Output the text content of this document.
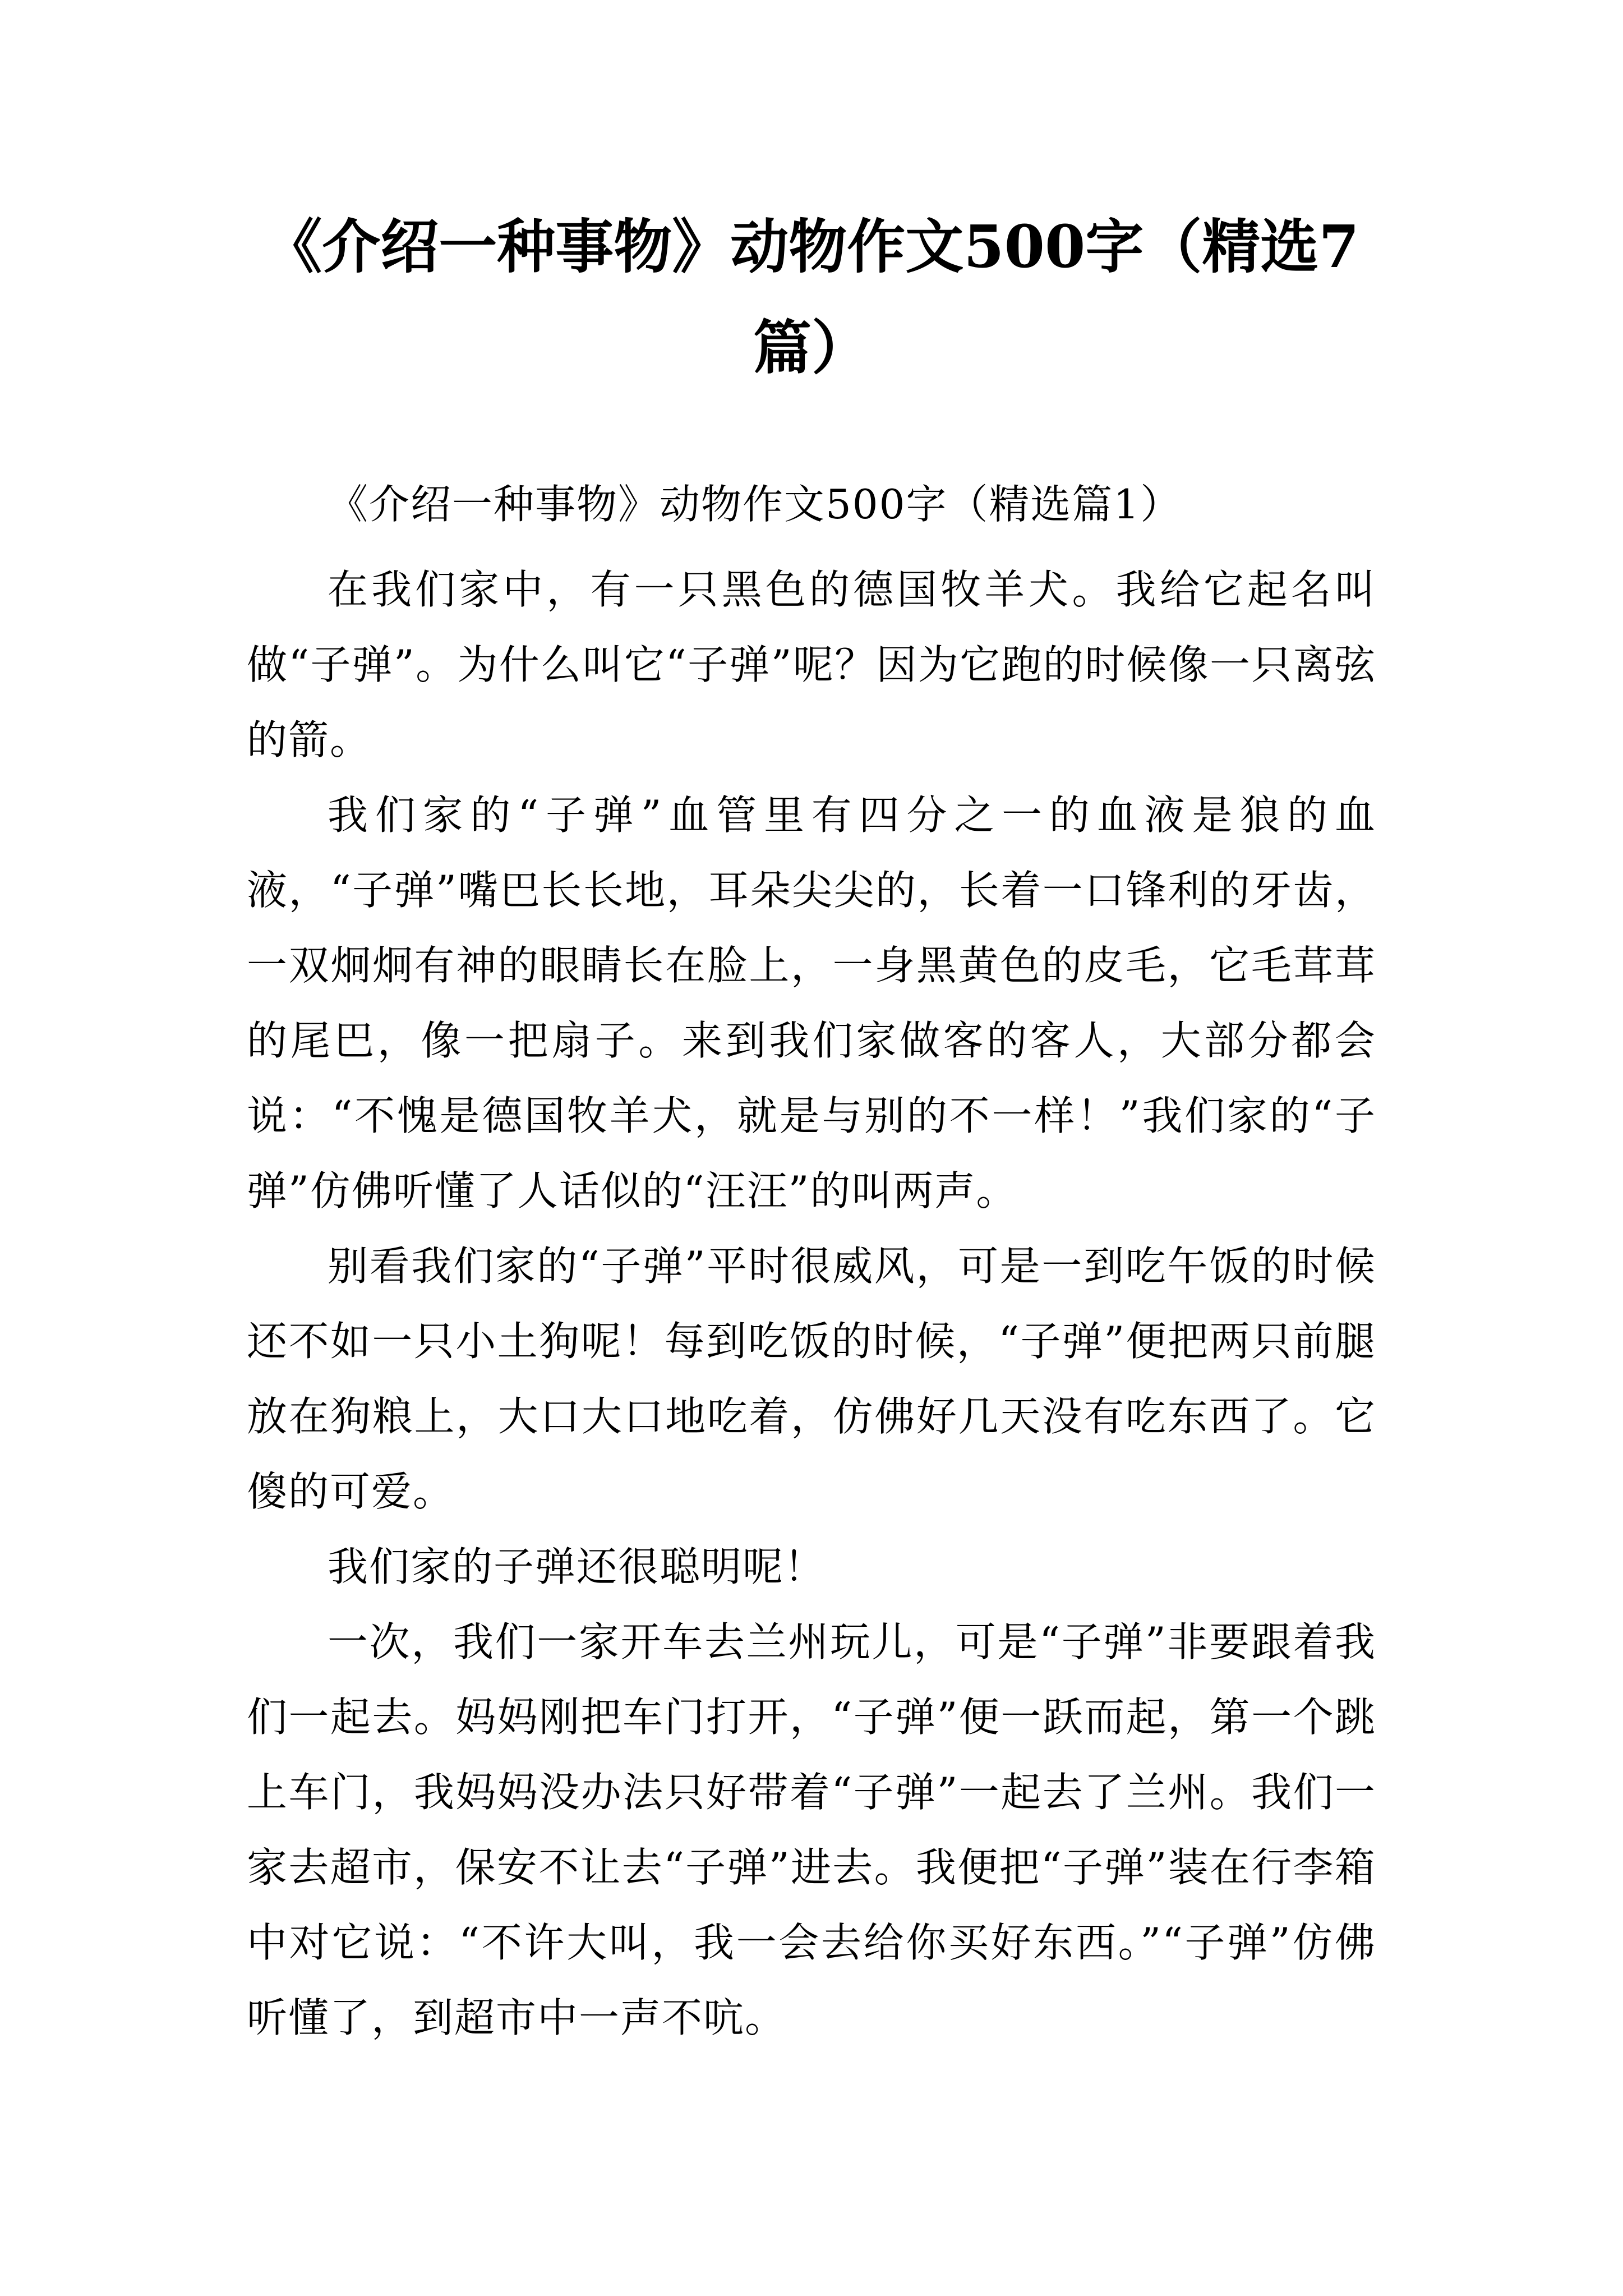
《介绍一种事物》动物作文500字（精选7篇）

《介绍一种事物》动物作文500字（精选篇1）

在我们家中，有一只黑色的德国牧羊犬。我给它起名叫做“子弹”。为什么叫它“子弹”呢？因为它跑的时候像一只离弦的箭。

我们家的“子弹”血管里有四分之一的血液是狼的血液，“子弹”嘴巴长长地，耳朵尖尖的，长着一口锋利的牙齿，一双炯炯有神的眼睛长在脸上，一身黑黄色的皮毛，它毛茸茸的尾巴，像一把扇子。来到我们家做客的客人，大部分都会说：“不愧是德国牧羊犬，就是与别的不一样！”我们家的“子弹”仿佛听懂了人话似的“汪汪”的叫两声。

别看我们家的“子弹”平时很威风，可是一到吃午饭的时候还不如一只小土狗呢！每到吃饭的时候，“子弹”便把两只前腿放在狗粮上，大口大口地吃着，仿佛好几天没有吃东西了。它傻的可爱。

我们家的子弹还很聪明呢！

一次，我们一家开车去兰州玩儿，可是“子弹”非要跟着我们一起去。妈妈刚把车门打开，“子弹”便一跃而起，第一个跳上车门，我妈妈没办法只好带着“子弹”一起去了兰州。我们一家去超市，保安不让去“子弹”进去。我便把“子弹”装在行李箱中对它说：“不许大叫，我一会去给你买好东西。”“子弹”仿佛听懂了，到超市中一声不吭。
